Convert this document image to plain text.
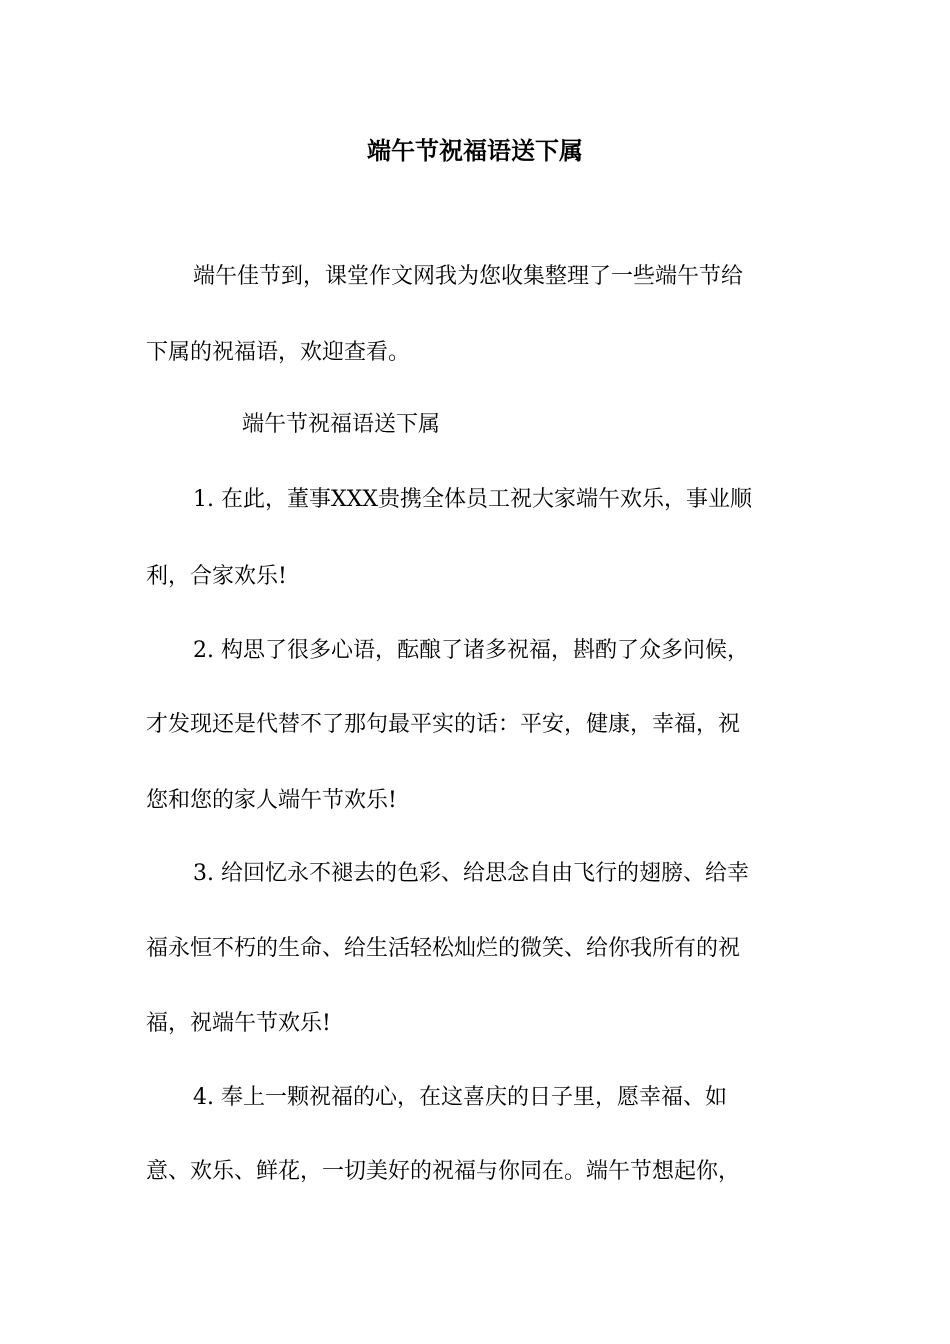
端午节祝福语送下属

端午佳节到，课堂作文网我为您收集整理了一些端午节给

下属的祝福语，欢迎查看。

端午节祝福语送下属

1. 在此，董事XXX贵携全体员工祝大家端午欢乐，事业顺

利，合家欢乐!

2. 构思了很多心语，酝酿了诸多祝福，斟酌了众多问候，

才发现还是代替不了那句最平实的话：平安，健康，幸福，祝

您和您的家人端午节欢乐!

3. 给回忆永不褪去的色彩、给思念自由飞行的翅膀、给幸

福永恒不朽的生命、给生活轻松灿烂的微笑、给你我所有的祝

福，祝端午节欢乐!

4. 奉上一颗祝福的心，在这喜庆的日子里，愿幸福、如

意、欢乐、鲜花，一切美好的祝福与你同在。端午节想起你，
